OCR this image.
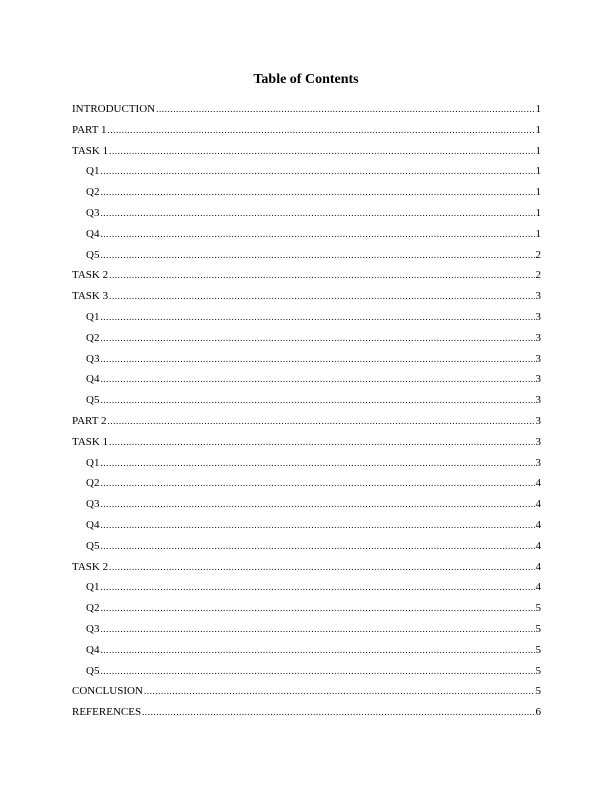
Table of Contents
INTRODUCTION .....	1
PART 1 .....	1
TASK 1 .....	1
Q1 .....	1
Q2 .....	1
Q3 .....	1
Q4 .....	1
Q5 .....	2
TASK 2 .....	2
TASK 3 .....	3
Q1 .....	3
Q2 .....	3
Q3 .....	3
Q4 .....	3
Q5 .....	3
PART 2 .....	3
TASK 1 .....	3
Q1 .....	3
Q2 .....	4
Q3 .....	4
Q4 .....	4
Q5 .....	4
TASK 2 .....	4
Q1 .....	4
Q2 .....	5
Q3 .....	5
Q4 .....	5
Q5 .....	5
CONCLUSION .....	5
REFERENCES .....	6
